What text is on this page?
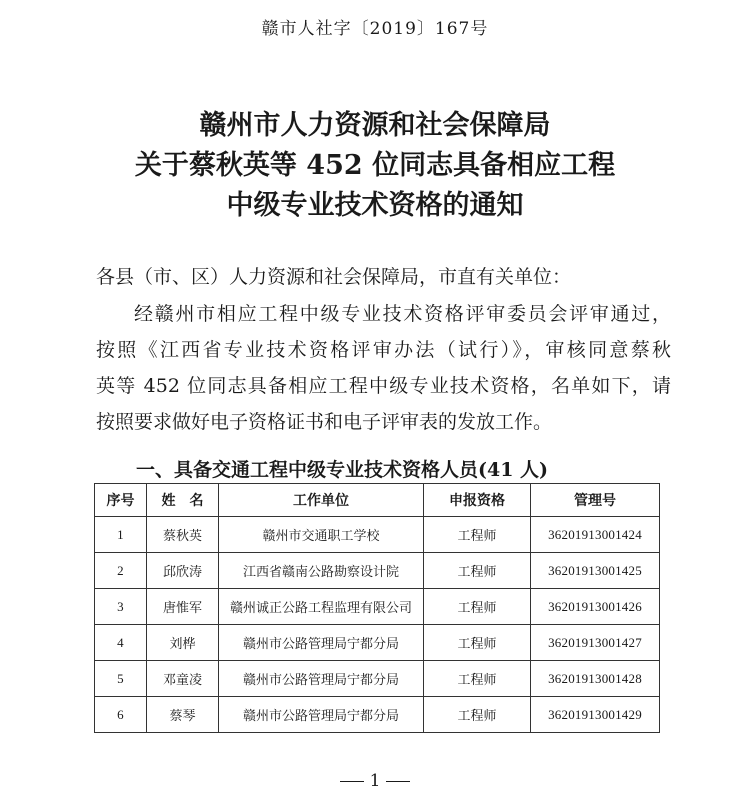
赣市人社字〔2019〕167号
赣州市人力资源和社会保障局
关于蔡秋英等 452 位同志具备相应工程
中级专业技术资格的通知
各县（市、区）人力资源和社会保障局，市直有关单位：
经赣州市相应工程中级专业技术资格评审委员会评审通过，
按照《江西省专业技术资格评审办法（试行）》，审核同意蔡秋
英等 452 位同志具备相应工程中级专业技术资格，名单如下，请
按照要求做好电子资格证书和电子评审表的发放工作。
一、具备交通工程中级专业技术资格人员(41 人)
序号	姓　名	工作单位	申报资格	管理号
1	蔡秋英	赣州市交通职工学校	工程师	36201913001424
2	邱欣涛	江西省赣南公路勘察设计院	工程师	36201913001425
3	唐惟军	赣州诚正公路工程监理有限公司	工程师	36201913001426
4	刘桦	赣州市公路管理局宁都分局	工程师	36201913001427
5	邓童凌	赣州市公路管理局宁都分局	工程师	36201913001428
6	蔡琴	赣州市公路管理局宁都分局	工程师	36201913001429
1
